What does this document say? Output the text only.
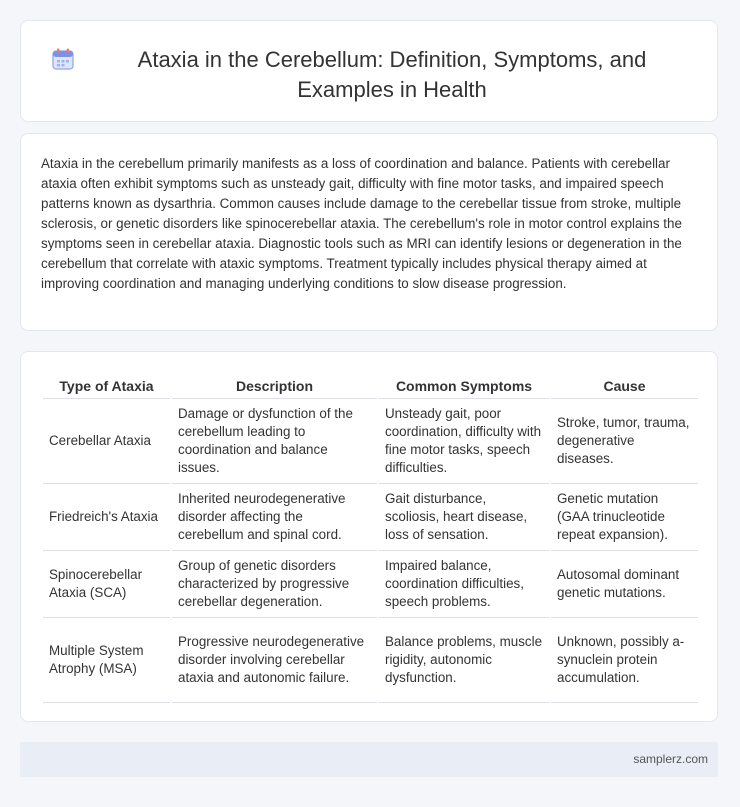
Ataxia in the Cerebellum: Definition, Symptoms, and Examples in Health

Ataxia in the cerebellum primarily manifests as a loss of coordination and balance. Patients with cerebellar ataxia often exhibit symptoms such as unsteady gait, difficulty with fine motor tasks, and impaired speech patterns known as dysarthria. Common causes include damage to the cerebellar tissue from stroke, multiple sclerosis, or genetic disorders like spinocerebellar ataxia. The cerebellum's role in motor control explains the symptoms seen in cerebellar ataxia. Diagnostic tools such as MRI can identify lesions or degeneration in the cerebellum that correlate with ataxic symptoms. Treatment typically includes physical therapy aimed at improving coordination and managing underlying conditions to slow disease progression.

Type of Ataxia	Description	Common Symptoms	Cause
Cerebellar Ataxia	Damage or dysfunction of the cerebellum leading to coordination and balance issues.	Unsteady gait, poor coordination, difficulty with fine motor tasks, speech difficulties.	Stroke, tumor, trauma, degenerative diseases.
Friedreich's Ataxia	Inherited neurodegenerative disorder affecting the cerebellum and spinal cord.	Gait disturbance, scoliosis, heart disease, loss of sensation.	Genetic mutation (GAA trinucleotide repeat expansion).
Spinocerebellar Ataxia (SCA)	Group of genetic disorders characterized by progressive cerebellar degeneration.	Impaired balance, coordination difficulties, speech problems.	Autosomal dominant genetic mutations.
Multiple System Atrophy (MSA)	Progressive neurodegenerative disorder involving cerebellar ataxia and autonomic failure.	Balance problems, muscle rigidity, autonomic dysfunction.	Unknown, possibly a-synuclein protein accumulation.
samplerz.com
